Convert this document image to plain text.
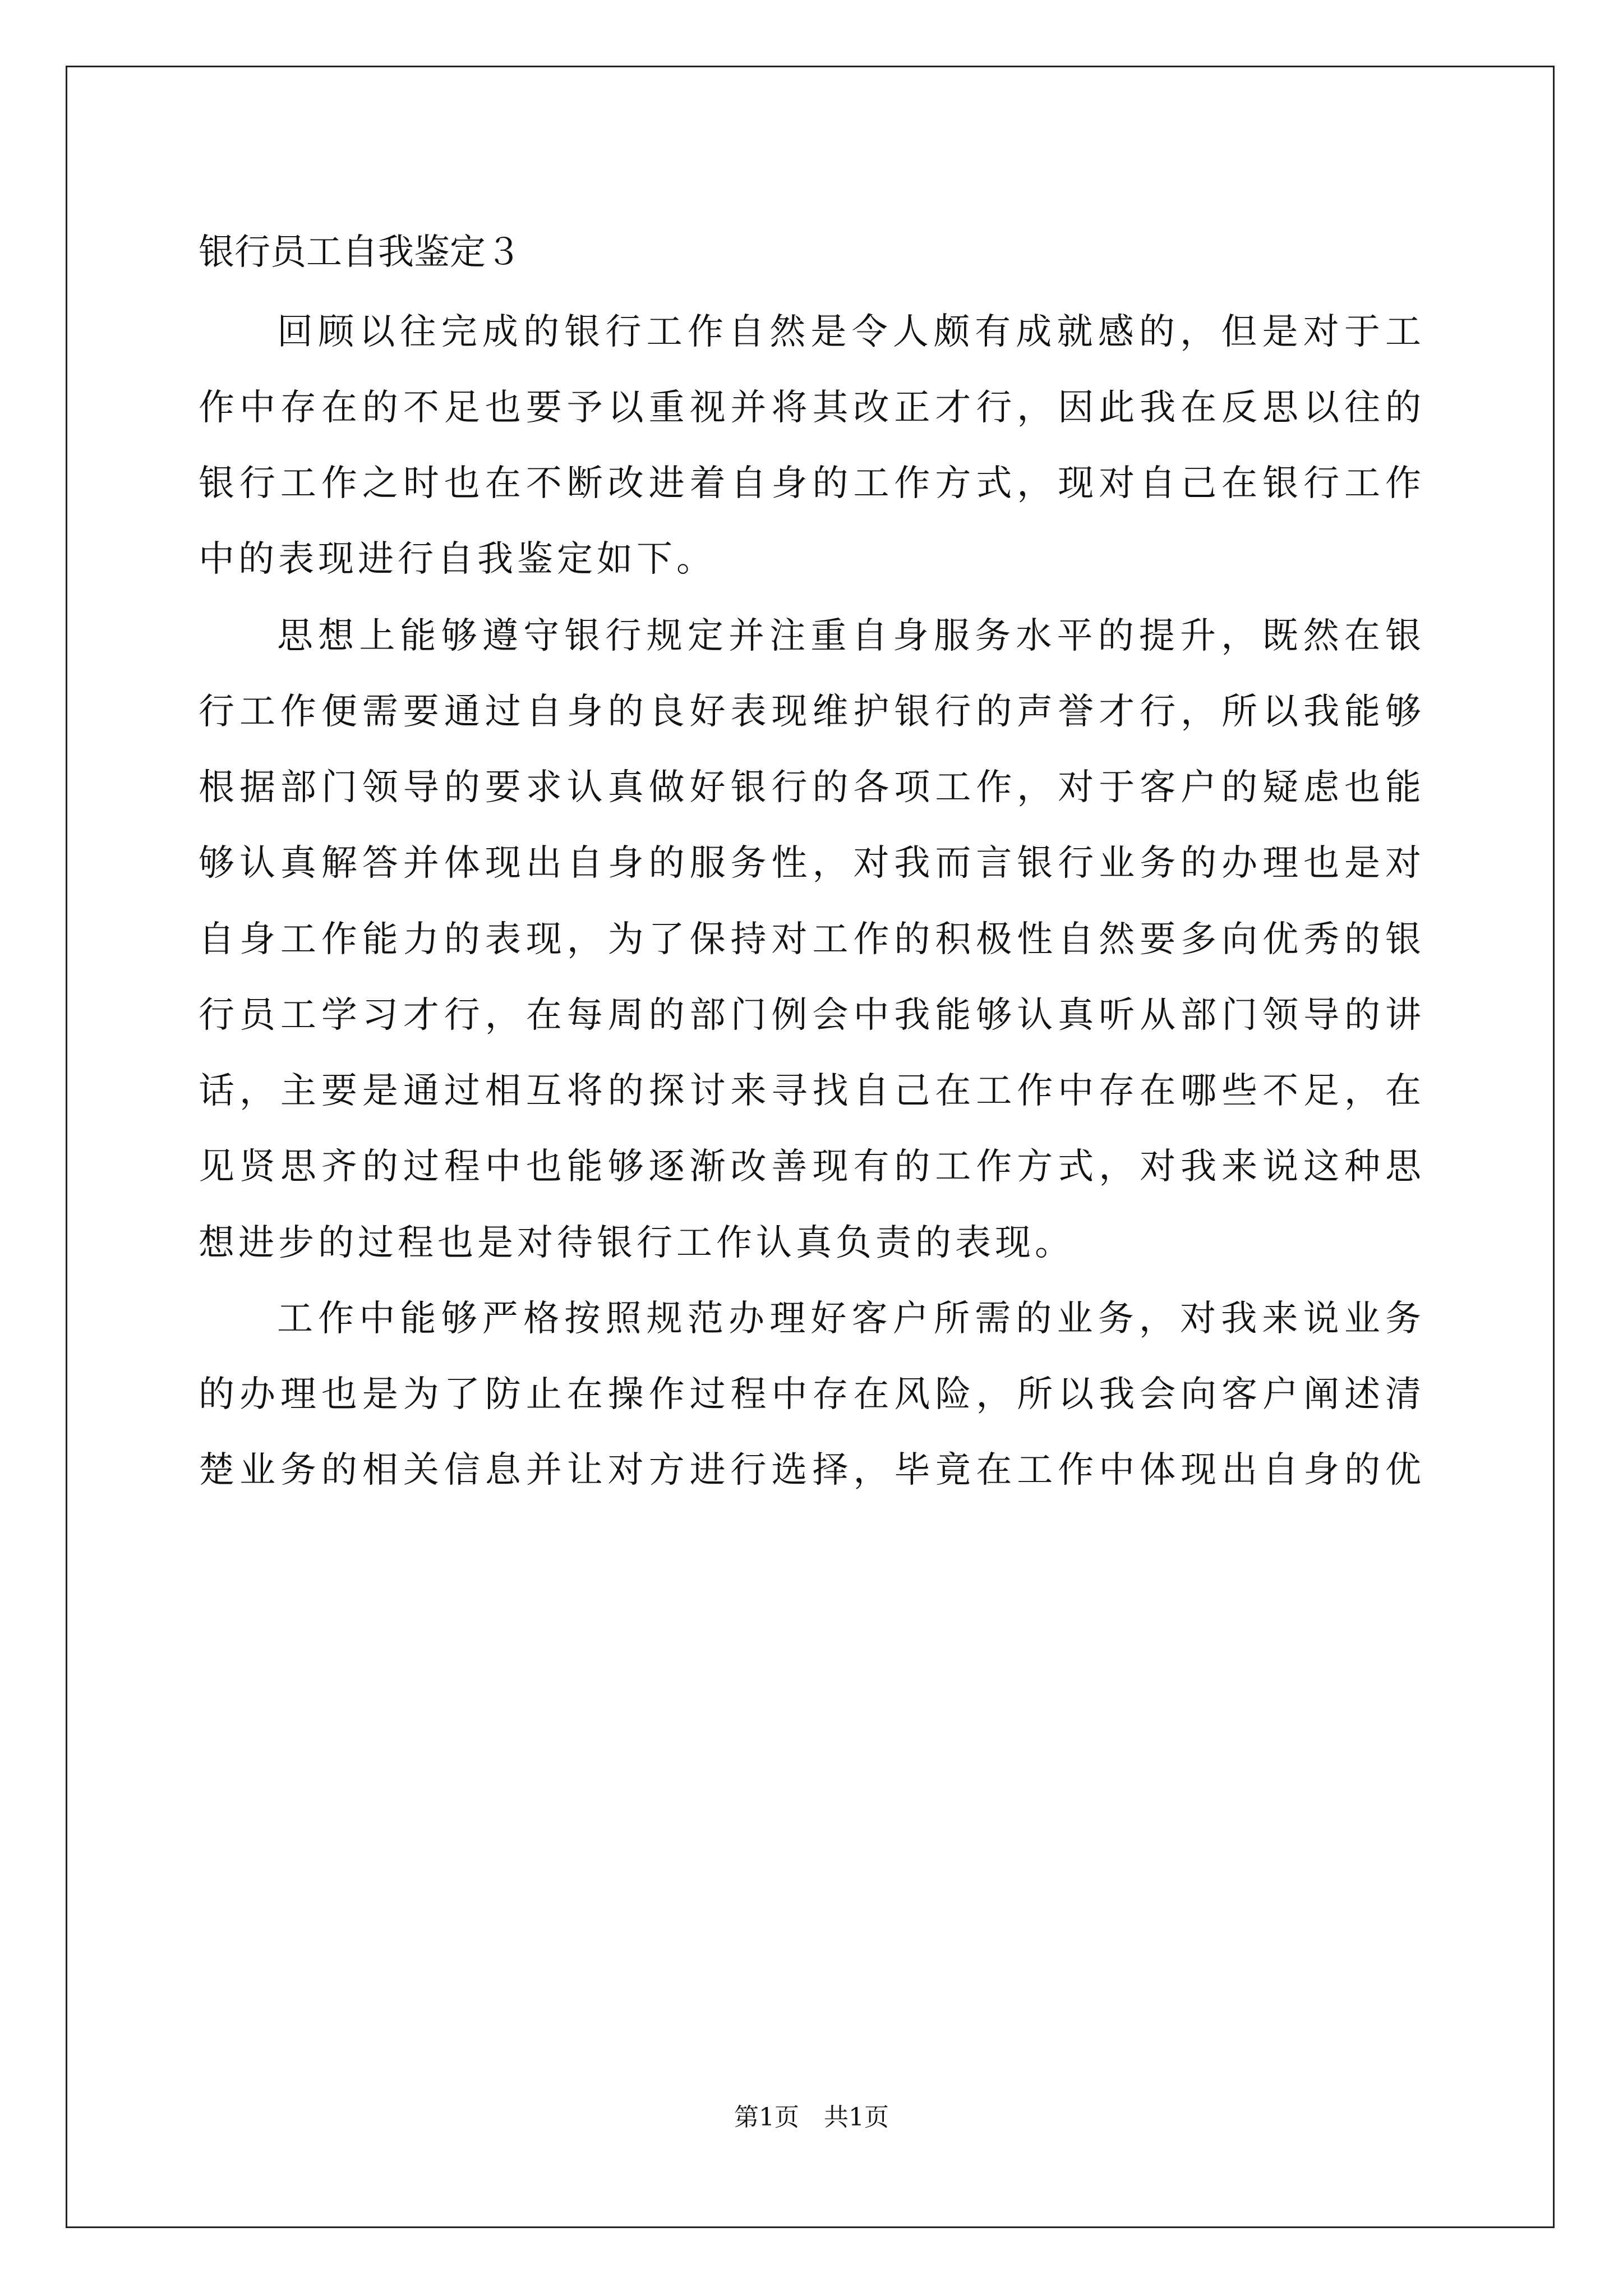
银行员工自我鉴定３
回顾以往完成的银行工作自然是令人颇有成就感的，但是对于工
作中存在的不足也要予以重视并将其改正才行，因此我在反思以往的
银行工作之时也在不断改进着自身的工作方式，现对自己在银行工作
中的表现进行自我鉴定如下。
思想上能够遵守银行规定并注重自身服务水平的提升，既然在银
行工作便需要通过自身的良好表现维护银行的声誉才行，所以我能够
根据部门领导的要求认真做好银行的各项工作，对于客户的疑虑也能
够认真解答并体现出自身的服务性，对我而言银行业务的办理也是对
自身工作能力的表现，为了保持对工作的积极性自然要多向优秀的银
行员工学习才行，在每周的部门例会中我能够认真听从部门领导的讲
话，主要是通过相互将的探讨来寻找自己在工作中存在哪些不足，在
见贤思齐的过程中也能够逐渐改善现有的工作方式，对我来说这种思
想进步的过程也是对待银行工作认真负责的表现。
工作中能够严格按照规范办理好客户所需的业务，对我来说业务
的办理也是为了防止在操作过程中存在风险，所以我会向客户阐述清
楚业务的相关信息并让对方进行选择，毕竟在工作中体现出自身的优
第1页　共1页
